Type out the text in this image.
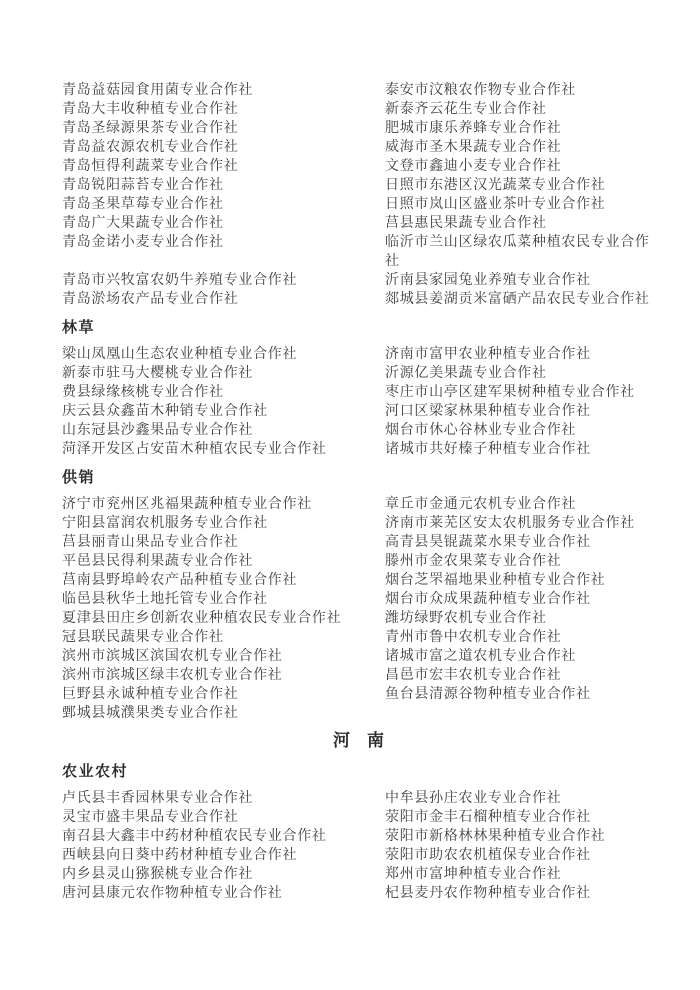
青岛益菇园食用菌专业合作社	泰安市汶粮农作物专业合作社
青岛大丰收种植专业合作社	新泰齐云花生专业合作社
青岛圣绿源果茶专业合作社	肥城市康乐养蜂专业合作社
青岛益农源农机专业合作社	威海市圣木果蔬专业合作社
青岛恒得利蔬菜专业合作社	文登市鑫迪小麦专业合作社
青岛锐阳蒜苔专业合作社	日照市东港区汉光蔬菜专业合作社
青岛圣果草莓专业合作社	日照市岚山区盛业茶叶专业合作社
青岛广大果蔬专业合作社	莒县惠民果蔬专业合作社
青岛金诺小麦专业合作社	临沂市兰山区绿农瓜菜种植农民专业合作社
青岛市兴牧富农奶牛养殖专业合作社	沂南县家园兔业养殖专业合作社
青岛淤场农产品专业合作社	郯城县姜湖贡米富硒产品农民专业合作社
林草
梁山凤凰山生态农业种植专业合作社	济南市富甲农业种植专业合作社
新泰市驻马大樱桃专业合作社	沂源亿美果蔬专业合作社
费县绿缘核桃专业合作社	枣庄市山亭区建军果树种植专业合作社
庆云县众鑫苗木种销专业合作社	河口区梁家林果种植专业合作社
山东冠县沙鑫果品专业合作社	烟台市休心谷林业专业合作社
菏泽开发区占安苗木种植农民专业合作社	诸城市共好榛子种植专业合作社
供销
济宁市兖州区兆福果蔬种植专业合作社	章丘市金通元农机专业合作社
宁阳县富润农机服务专业合作社	济南市莱芜区安太农机服务专业合作社
莒县丽青山果品专业合作社	高青县昊锟蔬菜水果专业合作社
平邑县民得利果蔬专业合作社	滕州市金农果菜专业合作社
莒南县野埠岭农产品种植专业合作社	烟台芝罘福地果业种植专业合作社
临邑县秋华土地托管专业合作社	烟台市众成果蔬种植专业合作社
夏津县田庄乡创新农业种植农民专业合作社	潍坊绿野农机专业合作社
冠县联民蔬果专业合作社	青州市鲁中农机专业合作社
滨州市滨城区滨国农机专业合作社	诸城市富之道农机专业合作社
滨州市滨城区绿丰农机专业合作社	昌邑市宏丰农机专业合作社
巨野县永诚种植专业合作社	鱼台县清源谷物种植专业合作社
鄄城县城濮果类专业合作社
河　南
农业农村
卢氏县丰香园林果专业合作社	中牟县孙庄农业专业合作社
灵宝市盛丰果品专业合作社	荥阳市金丰石榴种植专业合作社
南召县大鑫丰中药材种植农民专业合作社	荥阳市新格林林果种植专业合作社
西峡县向日葵中药材种植专业合作社	荥阳市助农农机植保专业合作社
内乡县灵山猕猴桃专业合作社	郑州市富坤种植专业合作社
唐河县康元农作物种植专业合作社	杞县麦丹农作物种植专业合作社
